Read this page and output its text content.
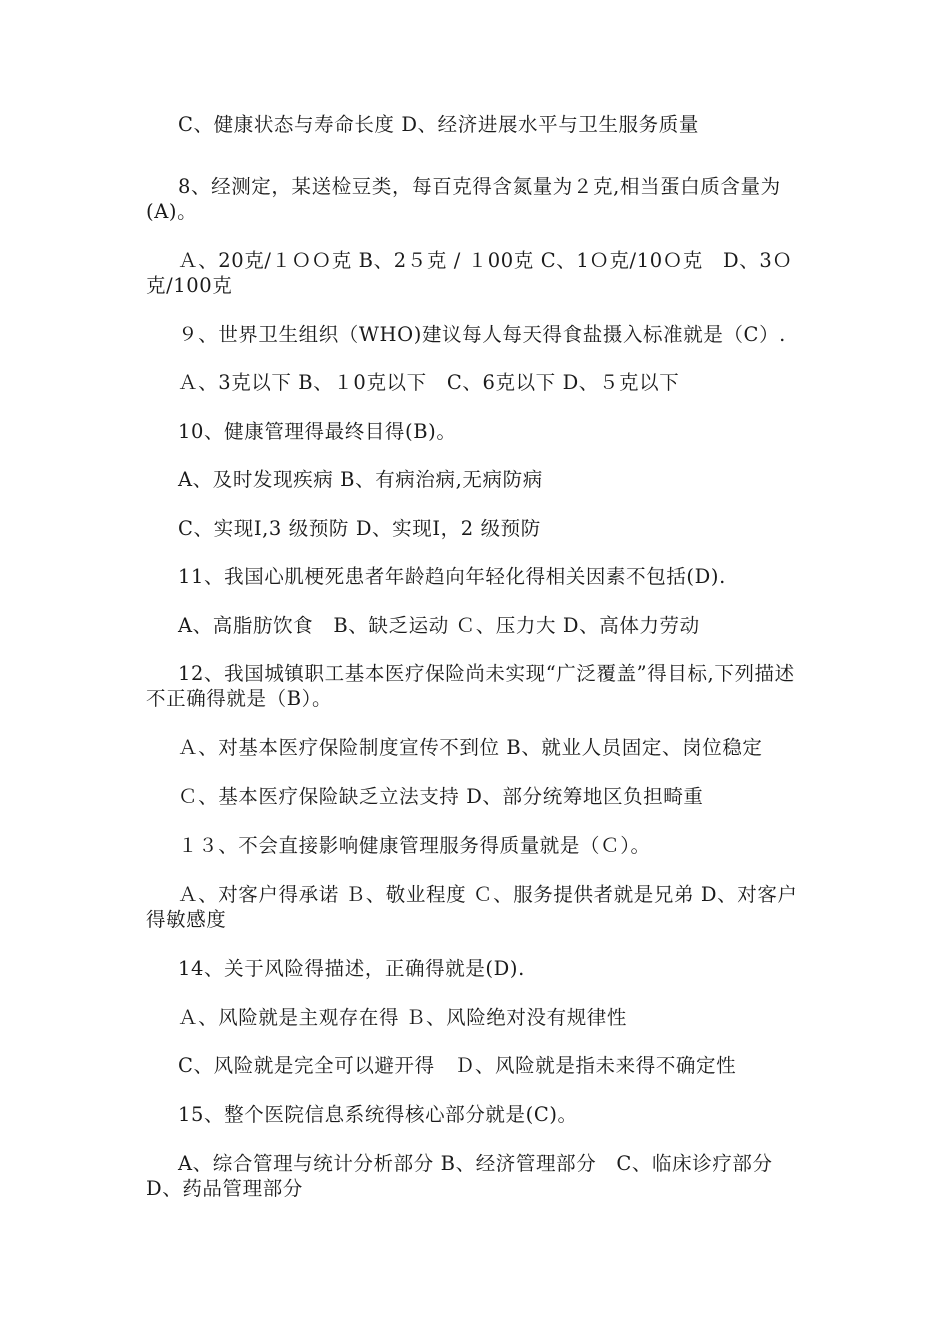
C、健康状态与寿命长度 D、经济进展水平与卫生服务质量

8、经测定，某送检豆类，每百克得含氮量为２克,相当蛋白质含量为(A)。

Ａ、20克/１ＯＯ克 B、2５克 / １00克 C、1Ｏ克/10Ｏ克　D、3Ｏ克/100克

９、世界卫生组织（WHO)建议每人每天得食盐摄入标准就是（C）.

Ａ、3克以下 B、１0克以下　C、6克以下 D、５克以下

10、健康管理得最终目得(B)。

A、及时发现疾病 B、有病治病,无病防病

C、实现Ⅰ,3 级预防 D、实现Ⅰ，2 级预防

11、我国心肌梗死患者年龄趋向年轻化得相关因素不包括(D).

A、高脂肪饮食　B、缺乏运动 Ｃ、压力大 D、高体力劳动

12、我国城镇职工基本医疗保险尚未实现“广泛覆盖”得目标,下列描述不正确得就是（B）。

Ａ、对基本医疗保险制度宣传不到位 B、就业人员固定、岗位稳定

Ｃ、基本医疗保险缺乏立法支持 D、部分统筹地区负担畸重

１３、不会直接影响健康管理服务得质量就是（Ｃ）。

Ａ、对客户得承诺 Ｂ、敬业程度 Ｃ、服务提供者就是兄弟 D、对客户得敏感度

14、关于风险得描述，正确得就是(D).

Ａ、风险就是主观存在得 Ｂ、风险绝对没有规律性

C、风险就是完全可以避开得　Ｄ、风险就是指未来得不确定性

15、整个医院信息系统得核心部分就是(C)。

A、综合管理与统计分析部分 B、经济管理部分　C、临床诊疗部分 D、药品管理部分
